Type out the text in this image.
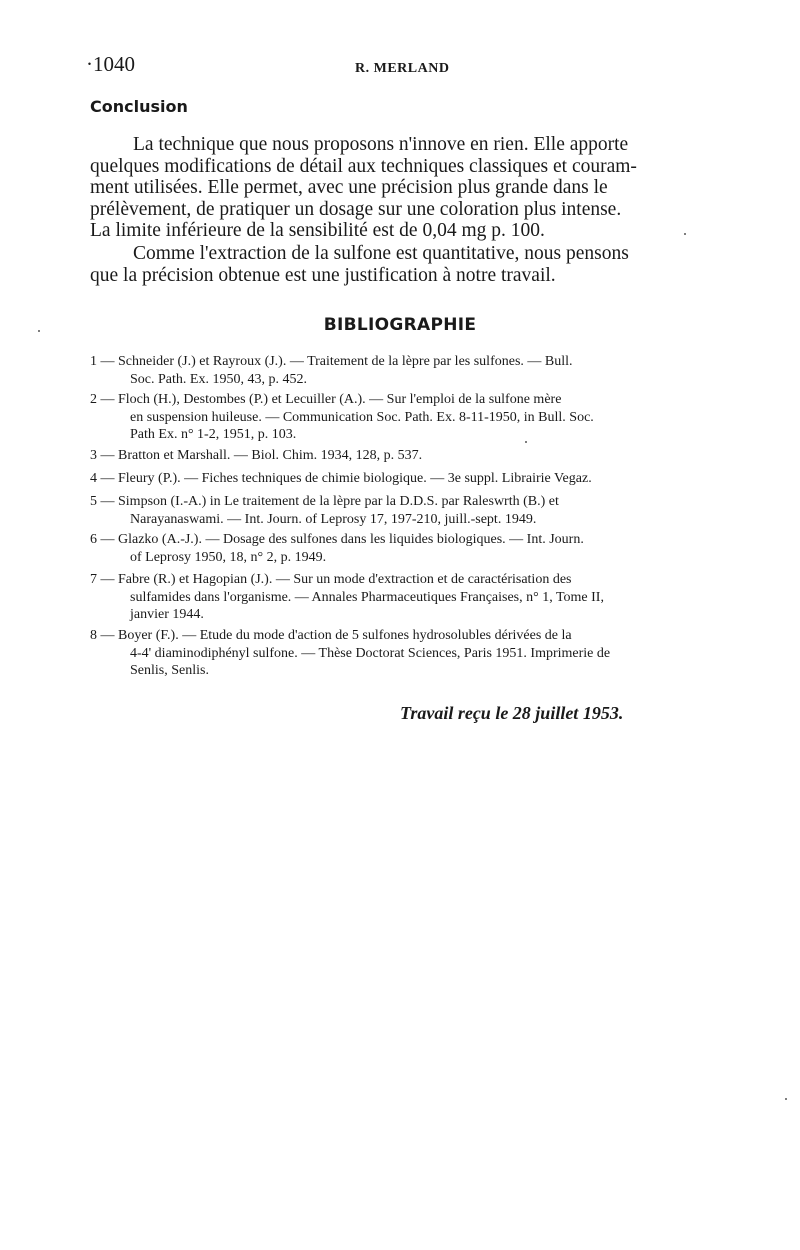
·1040	R. MERLAND
Conclusion
La technique que nous proposons n'innove en rien. Elle apporte
quelques modifications de détail aux techniques classiques et couram-
ment utilisées. Elle permet, avec une précision plus grande dans le
prélèvement, de pratiquer un dosage sur une coloration plus intense.
La limite inférieure de la sensibilité est de 0,04 mg p. 100.
Comme l'extraction de la sulfone est quantitative, nous pensons
que la précision obtenue est une justification à notre travail.
BIBLIOGRAPHIE
1 — Schneider (J.) et Rayroux (J.). — Traitement de la lèpre par les sulfones. — Bull.
Soc. Path. Ex. 1950, 43, p. 452.
2 — Floch (H.), Destombes (P.) et Lecuiller (A.). — Sur l'emploi de la sulfone mère
en suspension huileuse. — Communication Soc. Path. Ex. 8-11-1950, in Bull. Soc.
Path Ex. n° 1-2, 1951, p. 103.
3 — Bratton et Marshall. — Biol. Chim. 1934, 128, p. 537.
4 — Fleury (P.). — Fiches techniques de chimie biologique. — 3e suppl. Librairie Vegaz.
5 — Simpson (I.-A.) in Le traitement de la lèpre par la D.D.S. par Raleswrth (B.) et
Narayanaswami. — Int. Journ. of Leprosy 17, 197-210, juill.-sept. 1949.
6 — Glazko (A.-J.). — Dosage des sulfones dans les liquides biologiques. — Int. Journ.
of Leprosy 1950, 18, n° 2, p. 1949.
7 — Fabre (R.) et Hagopian (J.). — Sur un mode d'extraction et de caractérisation des
sulfamides dans l'organisme. — Annales Pharmaceutiques Françaises, n° 1, Tome II,
janvier 1944.
8 — Boyer (F.). — Etude du mode d'action de 5 sulfones hydrosolubles dérivées de la
4-4' diaminodiphényl sulfone. — Thèse Doctorat Sciences, Paris 1951. Imprimerie de
Senlis, Senlis.
Travail reçu le 28 juillet 1953.
